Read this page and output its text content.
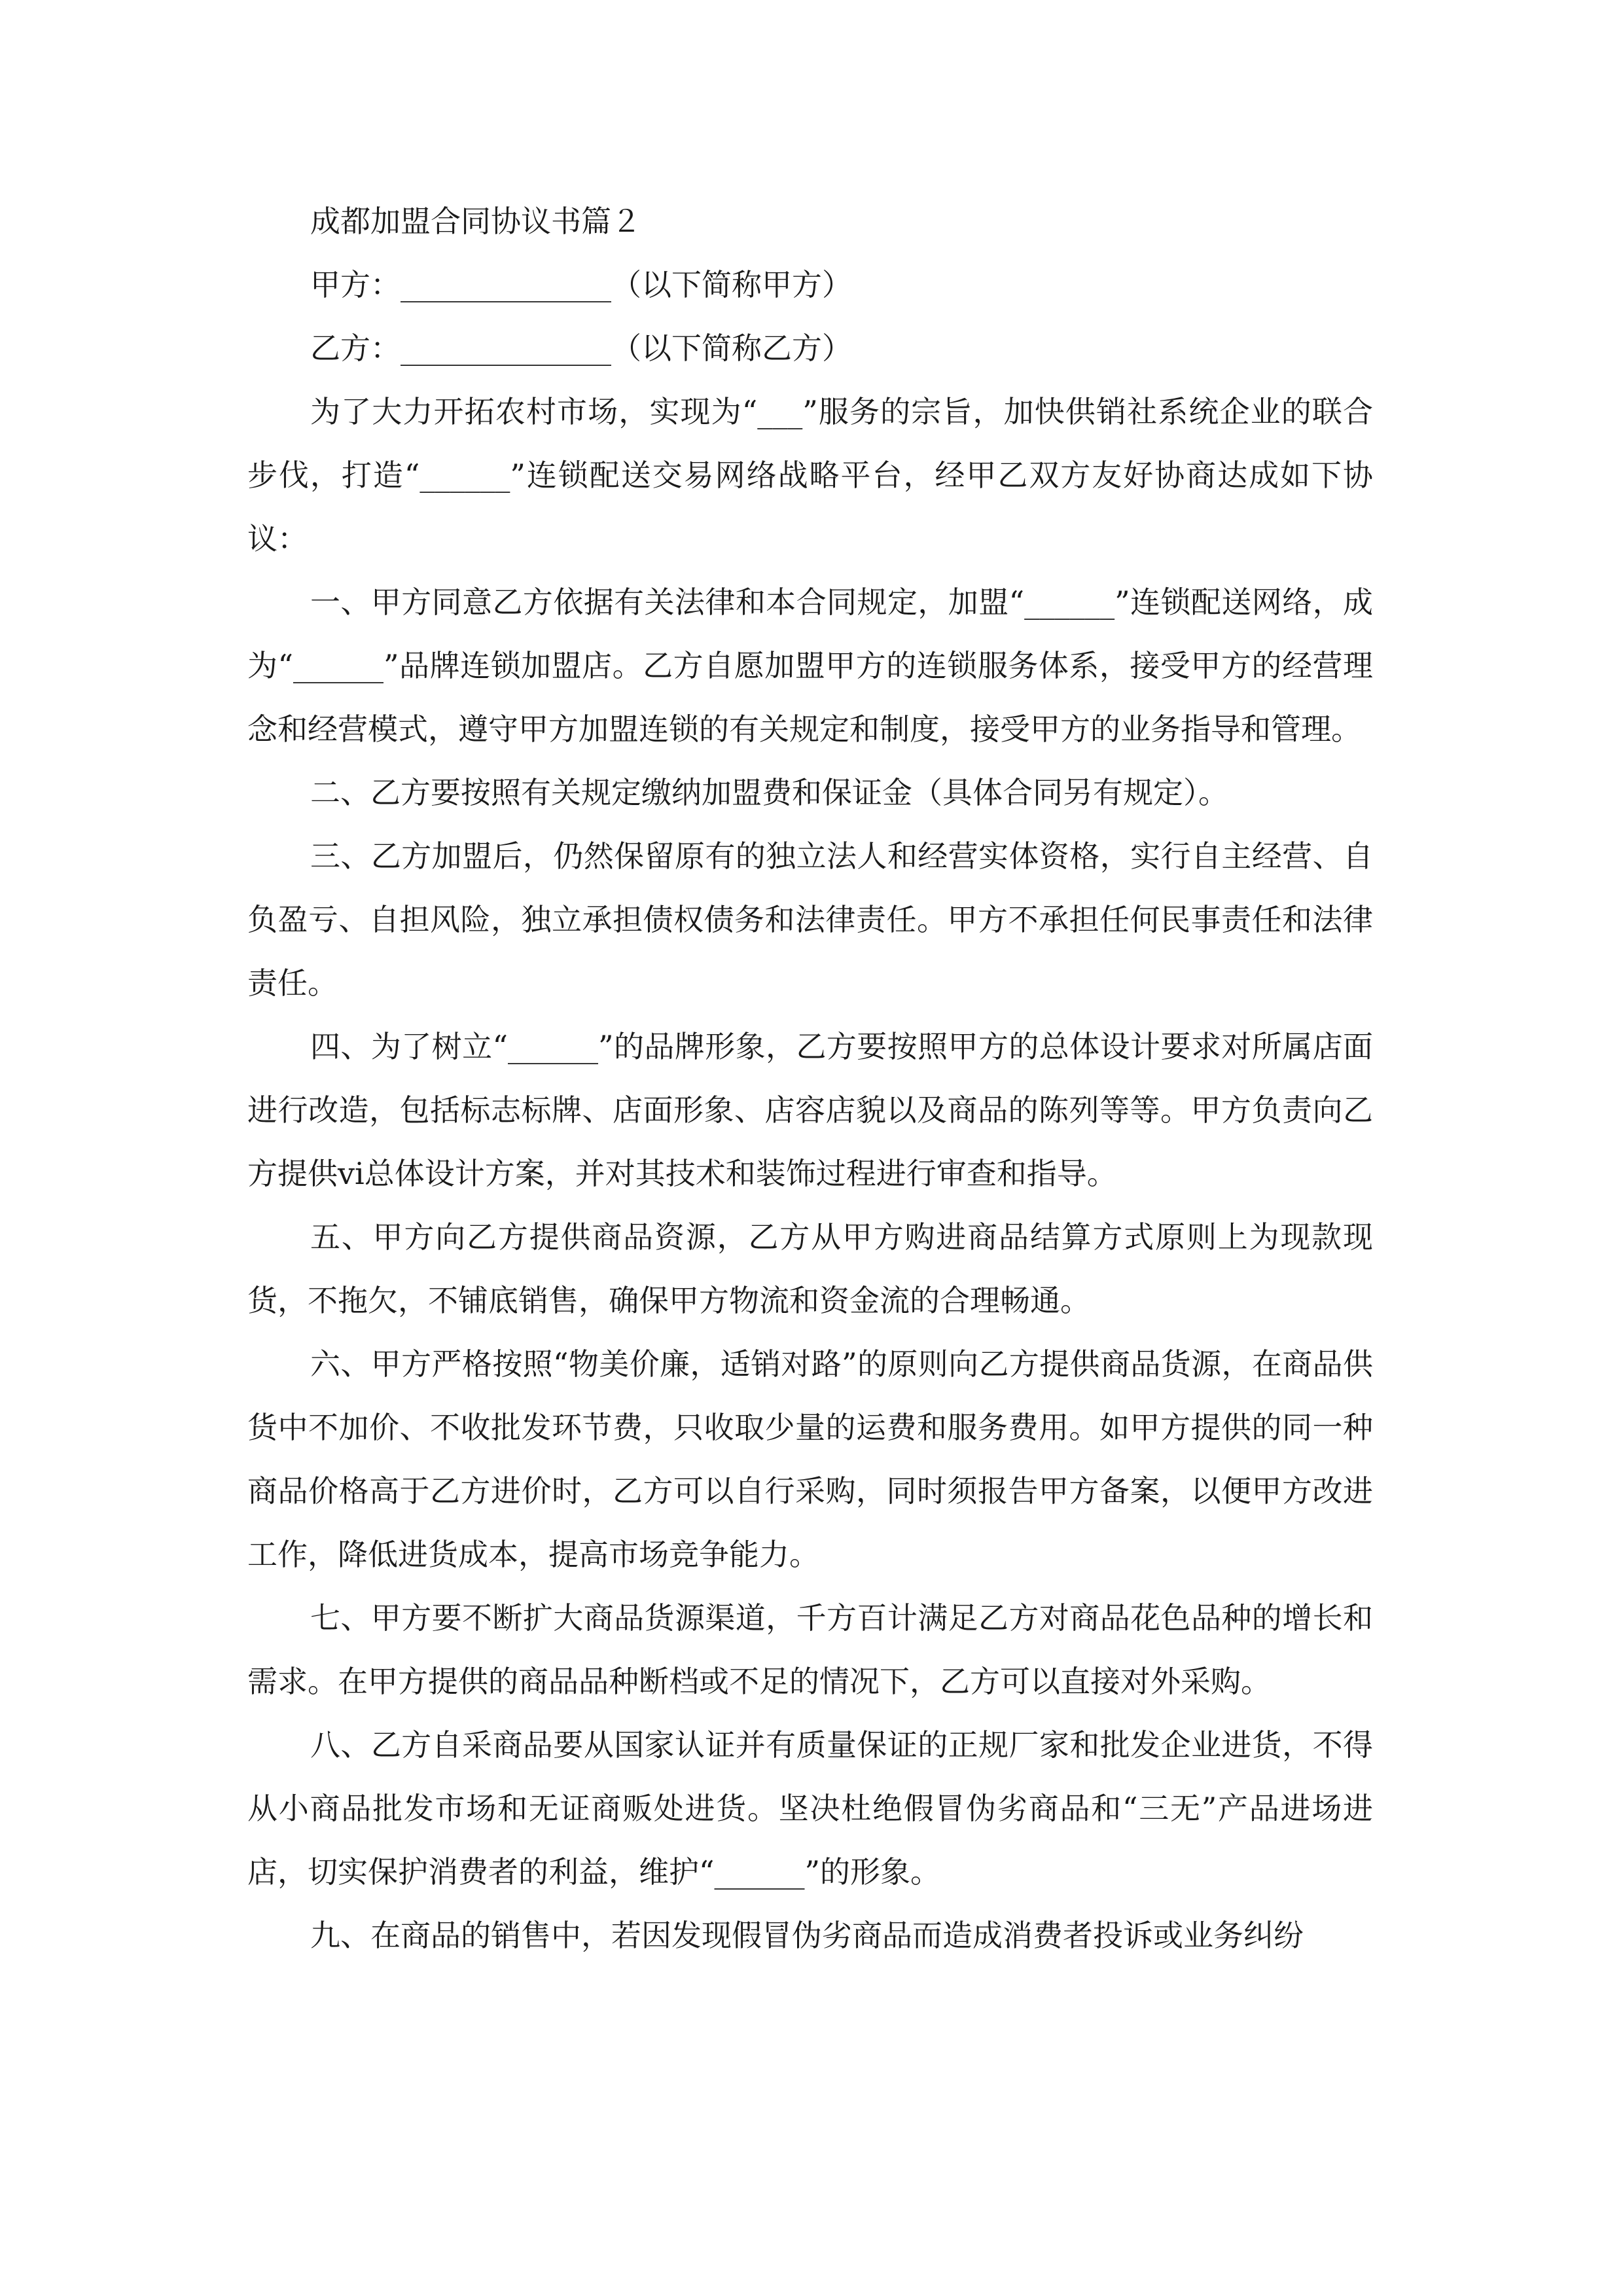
成都加盟合同协议书篇２
甲方：______________（以下简称甲方）
乙方：______________（以下简称乙方）

为了大力开拓农村市场，实现为“___”服务的宗旨，加快供销社系统企业的联合步伐，打造“______”连锁配送交易网络战略平台，经甲乙双方友好协商达成如下协议：

一、甲方同意乙方依据有关法律和本合同规定，加盟“______”连锁配送网络，成为“______”品牌连锁加盟店。乙方自愿加盟甲方的连锁服务体系，接受甲方的经营理念和经营模式，遵守甲方加盟连锁的有关规定和制度，接受甲方的业务指导和管理。

二、乙方要按照有关规定缴纳加盟费和保证金（具体合同另有规定）。

三、乙方加盟后，仍然保留原有的独立法人和经营实体资格，实行自主经营、自负盈亏、自担风险，独立承担债权债务和法律责任。甲方不承担任何民事责任和法律责任。

四、为了树立“______”的品牌形象，乙方要按照甲方的总体设计要求对所属店面进行改造，包括标志标牌、店面形象、店容店貌以及商品的陈列等等。甲方负责向乙方提供vi总体设计方案，并对其技术和装饰过程进行审查和指导。

五、甲方向乙方提供商品资源，乙方从甲方购进商品结算方式原则上为现款现货，不拖欠，不铺底销售，确保甲方物流和资金流的合理畅通。

六、甲方严格按照“物美价廉，适销对路”的原则向乙方提供商品货源，在商品供货中不加价、不收批发环节费，只收取少量的运费和服务费用。如甲方提供的同一种商品价格高于乙方进价时，乙方可以自行采购，同时须报告甲方备案，以便甲方改进工作，降低进货成本，提高市场竞争能力。

七、甲方要不断扩大商品货源渠道，千方百计满足乙方对商品花色品种的增长和需求。在甲方提供的商品品种断档或不足的情况下，乙方可以直接对外采购。

八、乙方自采商品要从国家认证并有质量保证的正规厂家和批发企业进货，不得从小商品批发市场和无证商贩处进货。坚决杜绝假冒伪劣商品和“三无”产品进场进店，切实保护消费者的利益，维护“______”的形象。

九、在商品的销售中，若因发现假冒伪劣商品而造成消费者投诉或业务纠纷
